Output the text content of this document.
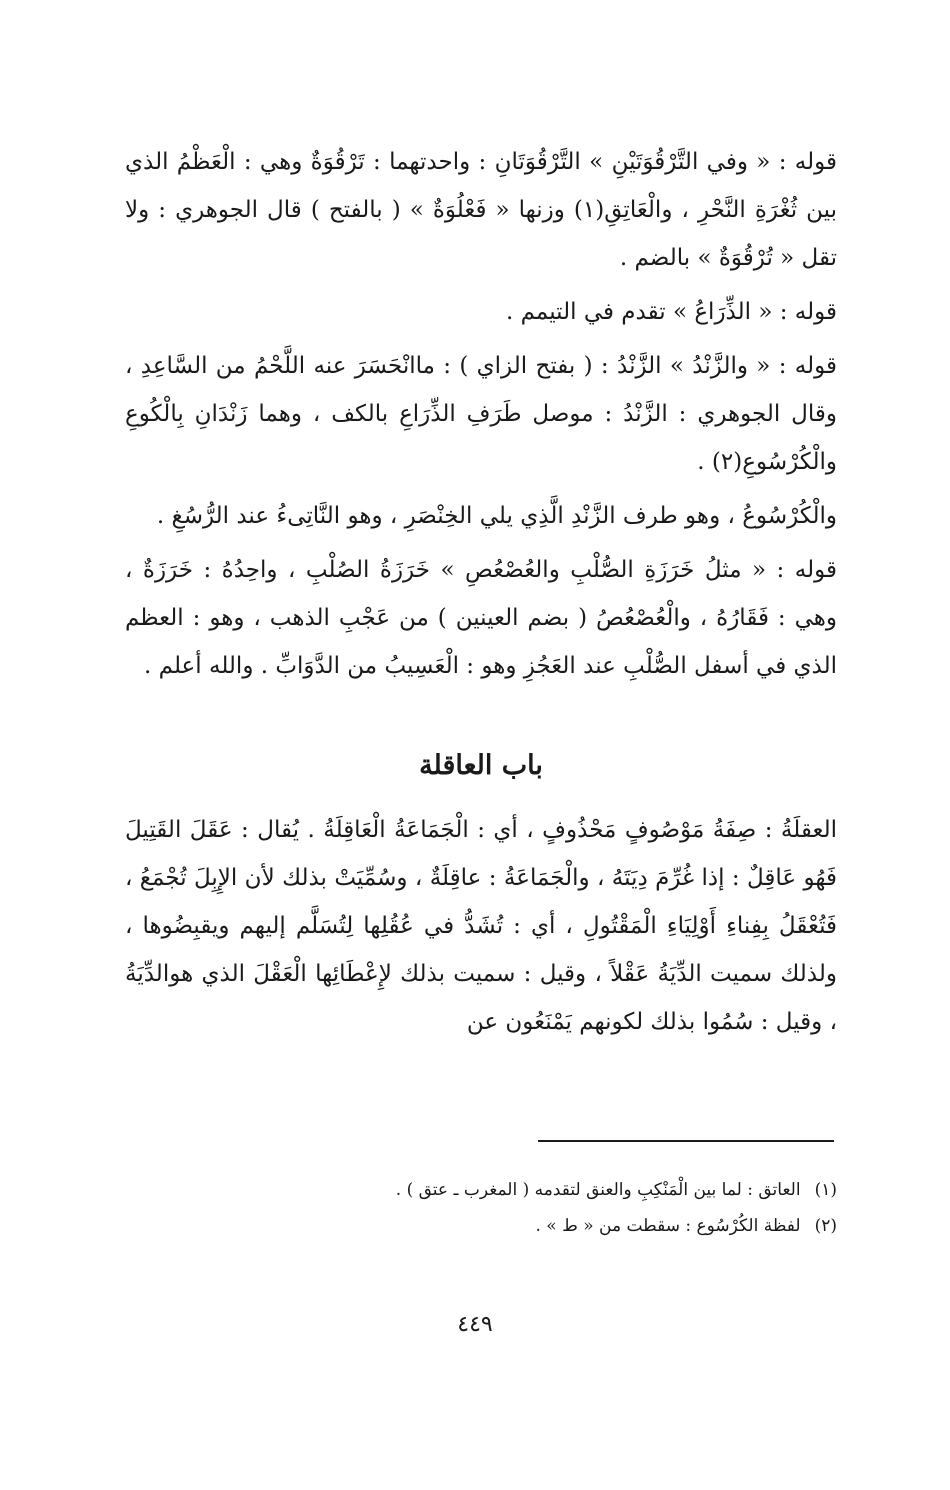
قوله : « وفي التَّرْقُوَتَيْنِ » التَّرْقُوَتَانِ : واحدتهما : تَرْقُوَةٌ وهي : الْعَظْمُ الذي بين ثُغْرَةِ النَّحْرِ ، والْعَاتِقِ(١) وزنها « فَعْلُوَةٌ » ( بالفتح ) قال الجوهري : ولا تقل « تُرْقُوَةٌ » بالضم .

قوله : « الذِّرَاعُ » تقدم في التيمم .

قوله : « والزَّنْدُ » الزَّنْدُ : ( بفتح الزاي ) : ماانْحَسَرَ عنه اللَّحْمُ من السَّاعِدِ ، وقال الجوهري : الزَّنْدُ : موصل طَرَفِ الذِّرَاعِ بالكف ، وهما زَنْدَانِ بِالْكُوعِ والْكُرْسُوعِ(٢) .

والْكُرْسُوعُ ، وهو طرف الزَّنْدِ الَّذِي يلي الخِنْصَرِ ، وهو النَّاتِىءُ عند الرُّسُغِ .

قوله : « مثلُ خَرَزَةِ الصُّلْبِ والعُصْعُصِ » خَرَزَةُ الصُلْبِ ، واحِدُهُ : خَرَزَةٌ ، وهي : فَقَارُهُ ، والْعُصْعُصُ ( بضم العينين ) من عَجْبِ الذهب ، وهو : العظم الذي في أسفل الصُّلْبِ عند العَجُزِ وهو : الْعَسِيبُ من الدَّوَابِّ . والله أعلم .

باب العاقلة

العقلَةُ : صِفَةُ مَوْصُوفٍ مَحْذُوفٍ ، أي : الْجَمَاعَةُ الْعَاقِلَةُ . يُقال : عَقَلَ القَتِيلَ فَهُو عَاقِلٌ : إذا غُرِّمَ دِيَتَهُ ، والْجَمَاعَةُ : عاقِلَةٌ ، وسُمِّيَتْ بذلك لأن الإِبِلَ تُجْمَعُ ، فَتُعْقَلُ بِفِناءِ أَوْلِيَاءِ الْمَقْتُولِ ، أي : تُشَدُّ في عُقُلِها لِتُسَلَّم إليهم ويقبِضُوها ، ولذلك سميت الدِّيَةُ عَقْلاً ، وقيل : سميت بذلك لإِعْطَائِها الْعَقْلَ الذي هوالدِّيَةُ ، وقيل : سُمُوا بذلك لكونهم يَمْنَعُون عن

(١)العاتق : لما بين الْمَنْكِبِ والعنق لتقدمه ( المغرب ـ عتق ) .
(٢)لفظة الكُرْسُوع : سقطت من « ط » .
٤٤٩
